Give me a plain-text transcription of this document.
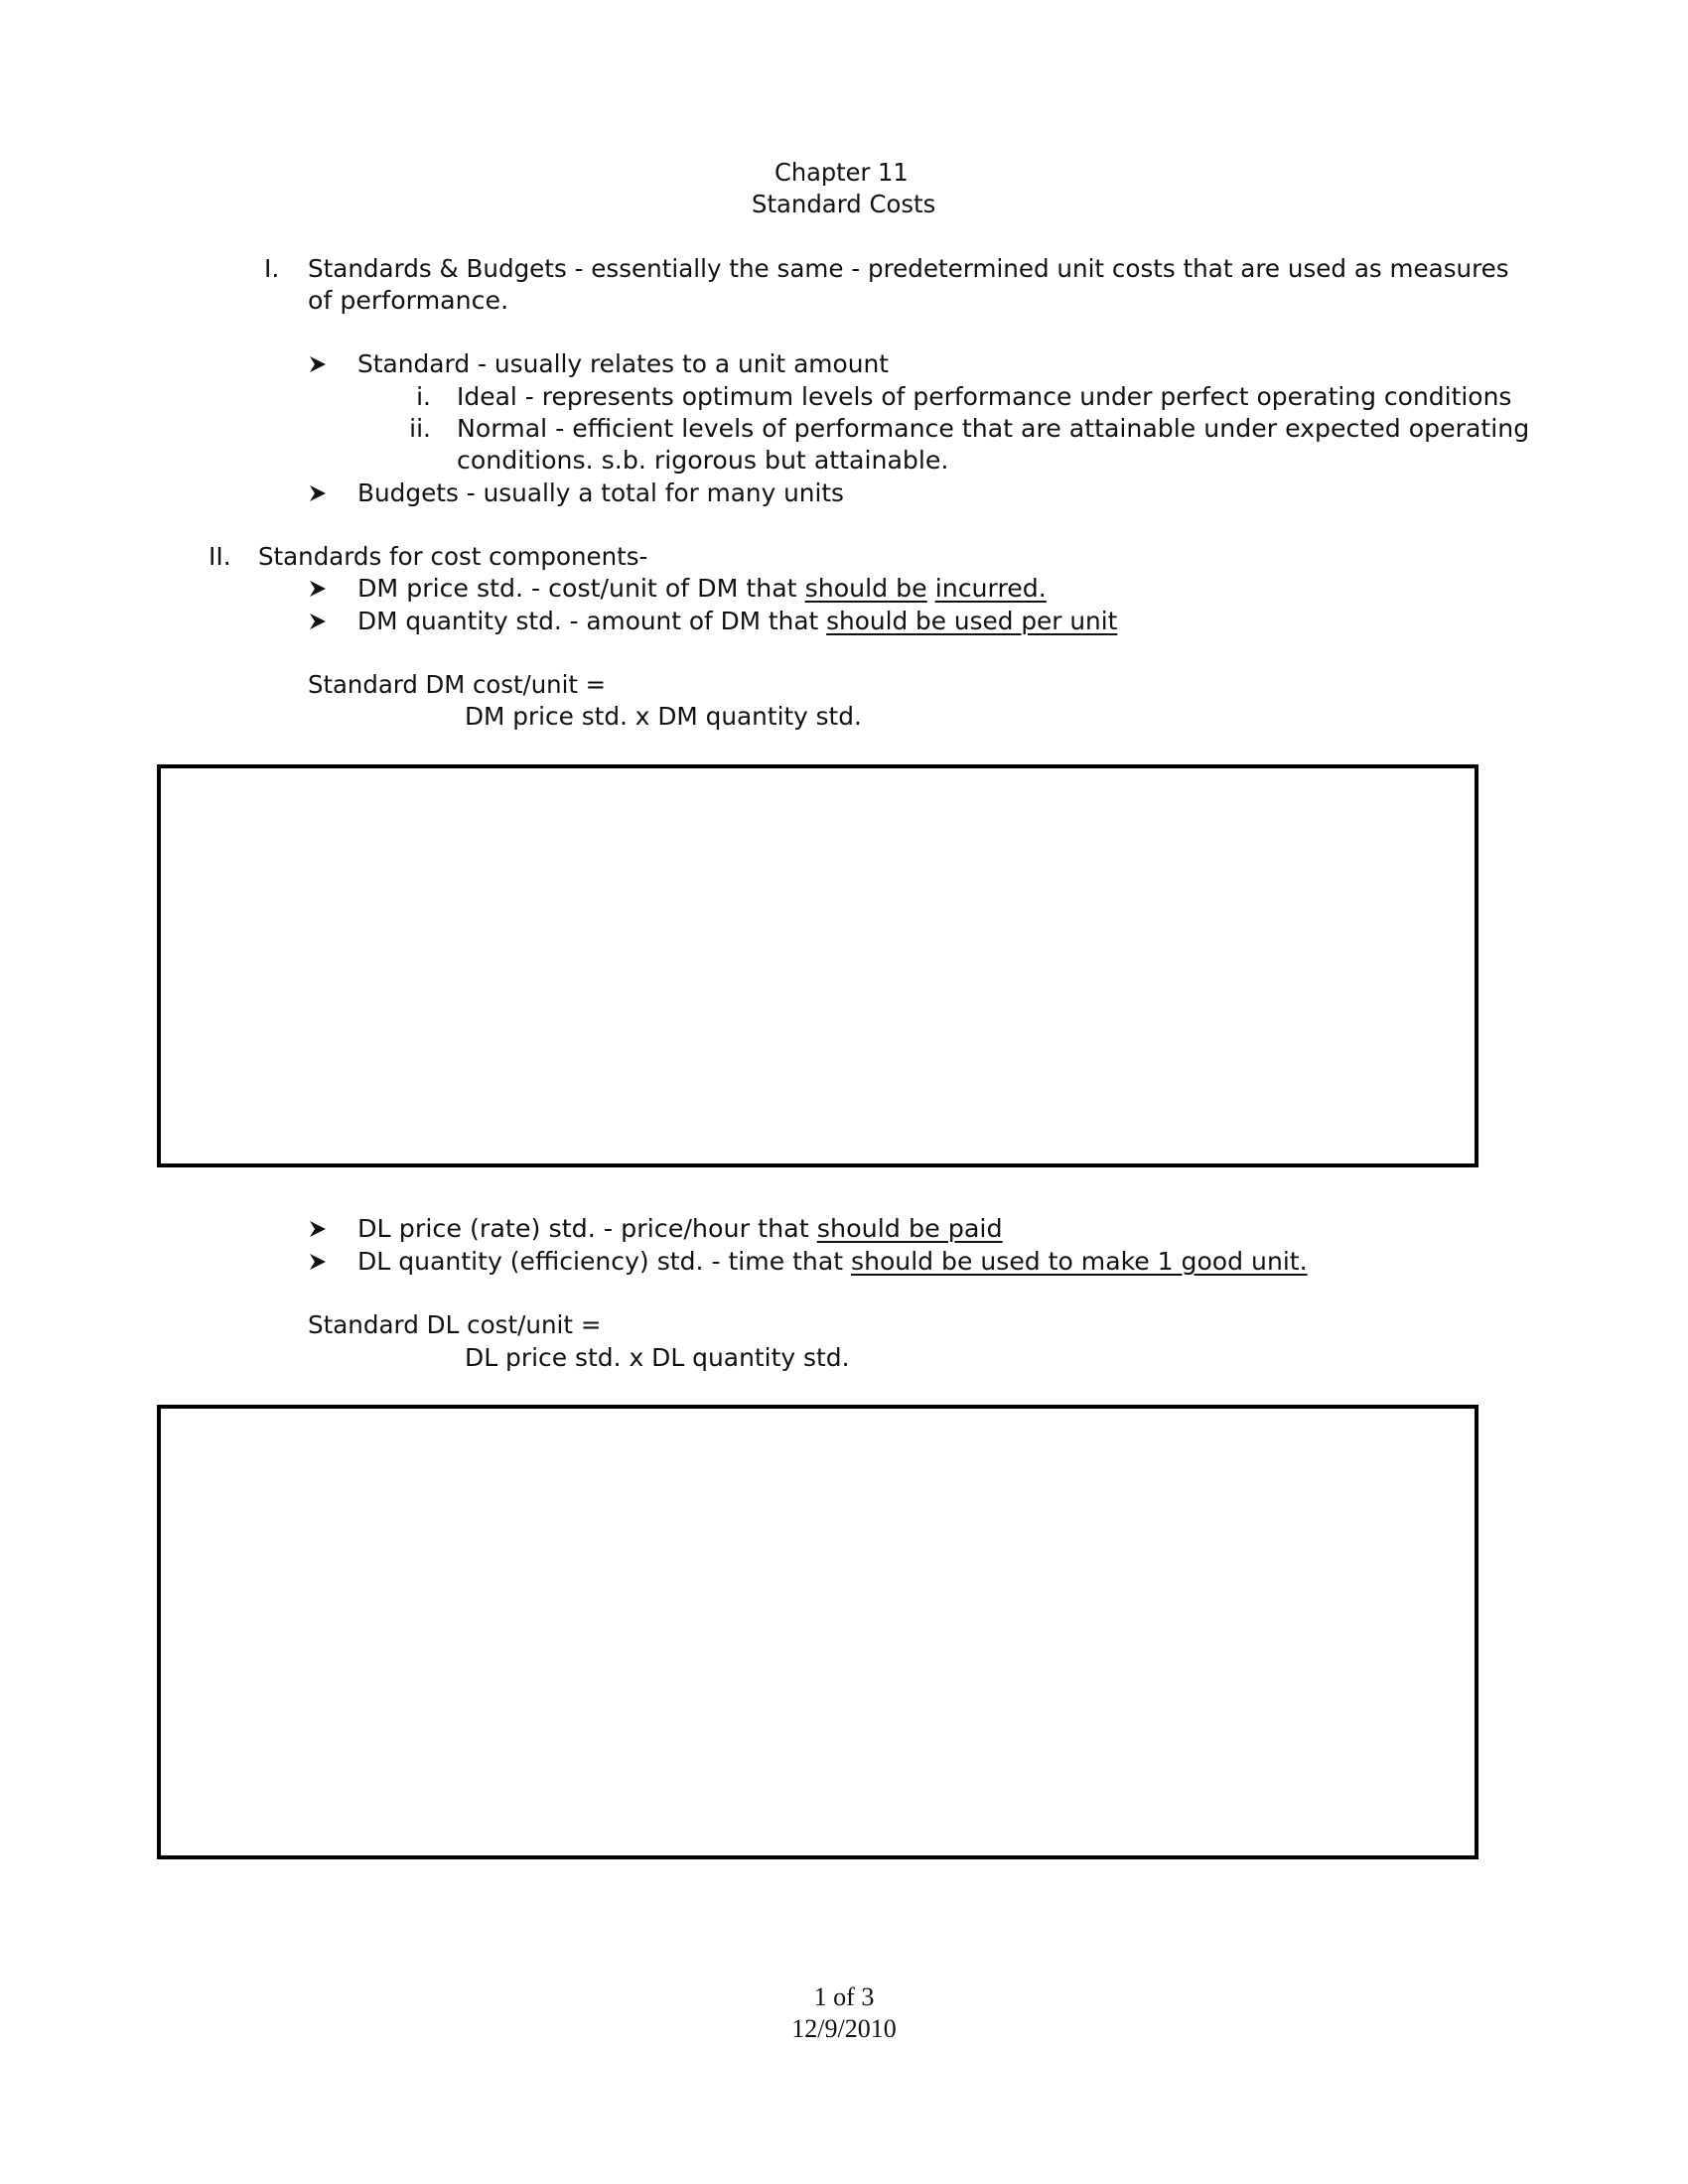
Chapter 11
Standard Costs
I. Standards & Budgets - essentially the same - predetermined unit costs that are used as measures
of performance.
Standard - usually relates to a unit amount
i. Ideal - represents optimum levels of performance under perfect operating conditions
ii. Normal - efficient levels of performance that are attainable under expected operating
conditions. s.b. rigorous but attainable.
Budgets - usually a total for many units
II. Standards for cost components-
DM price std. - cost/unit of DM that should be incurred.
DM quantity std. - amount of DM that should be used per unit
Standard DM cost/unit =
DM price std. x DM quantity std.
DL price (rate) std. - price/hour that should be paid
DL quantity (efficiency) std. - time that should be used to make 1 good unit.
Standard DL cost/unit =
DL price std. x DL quantity std.
1 of 3
12/9/2010
